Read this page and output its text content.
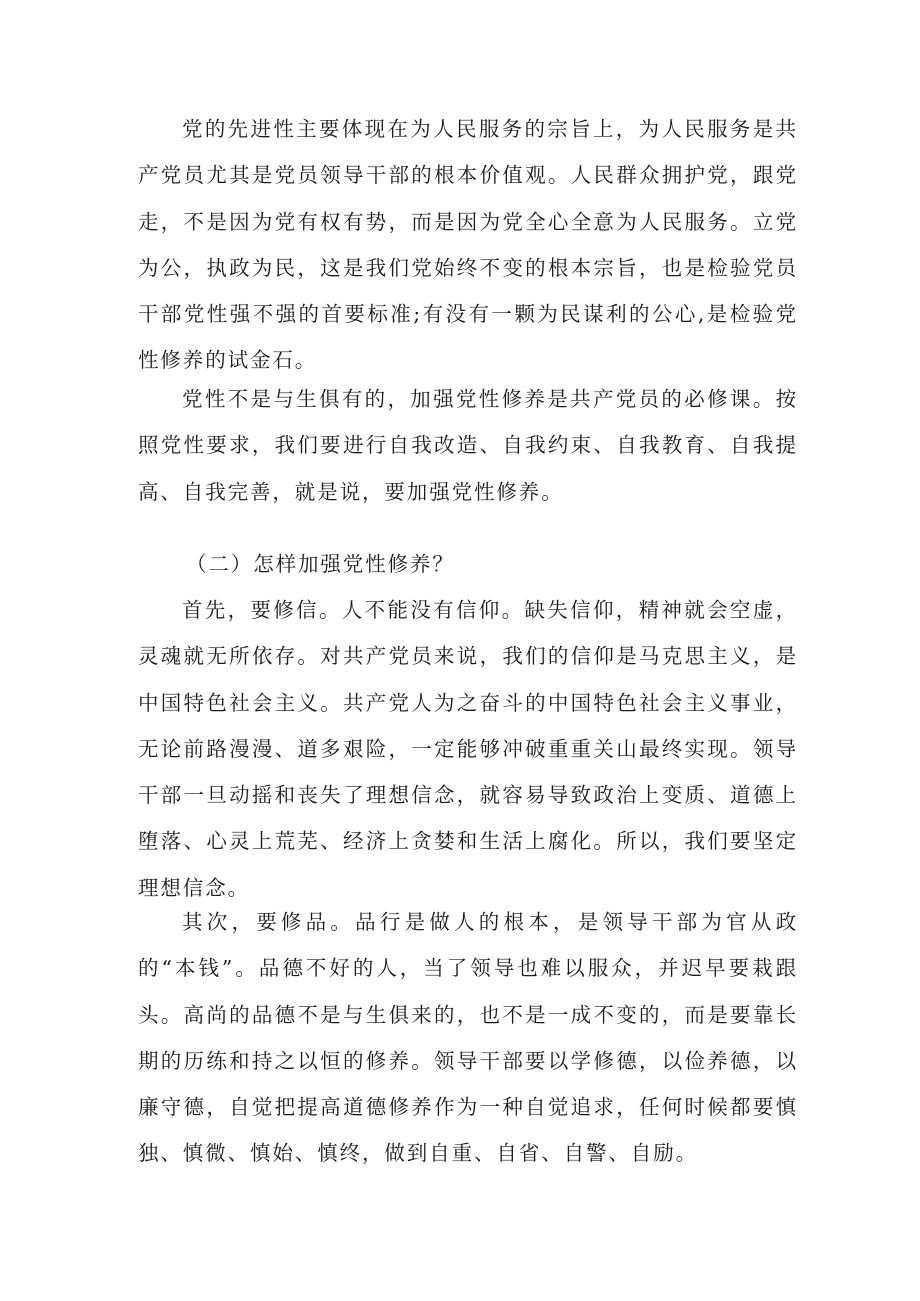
党的先进性主要体现在为人民服务的宗旨上，为人民服务是共产党员尤其是党员领导干部的根本价值观。人民群众拥护党，跟党走，不是因为党有权有势，而是因为党全心全意为人民服务。立党为公，执政为民，这是我们党始终不变的根本宗旨，也是检验党员干部党性强不强的首要标准;有没有一颗为民谋利的公心,是检验党性修养的试金石。

党性不是与生俱有的，加强党性修养是共产党员的必修课。按照党性要求，我们要进行自我改造、自我约束、自我教育、自我提高、自我完善，就是说，要加强党性修养。

（二）怎样加强党性修养？

首先，要修信。人不能没有信仰。缺失信仰，精神就会空虚，灵魂就无所依存。对共产党员来说，我们的信仰是马克思主义，是中国特色社会主义。共产党人为之奋斗的中国特色社会主义事业，无论前路漫漫、道多艰险，一定能够冲破重重关山最终实现。领导干部一旦动摇和丧失了理想信念，就容易导致政治上变质、道德上堕落、心灵上荒芜、经济上贪婪和生活上腐化。所以，我们要坚定理想信念。

其次，要修品。品行是做人的根本，是领导干部为官从政的“本钱”。品德不好的人，当了领导也难以服众，并迟早要栽跟头。高尚的品德不是与生俱来的，也不是一成不变的，而是要靠长期的历练和持之以恒的修养。领导干部要以学修德，以俭养德，以廉守德，自觉把提高道德修养作为一种自觉追求，任何时候都要慎独、慎微、慎始、慎终，做到自重、自省、自警、自励。
